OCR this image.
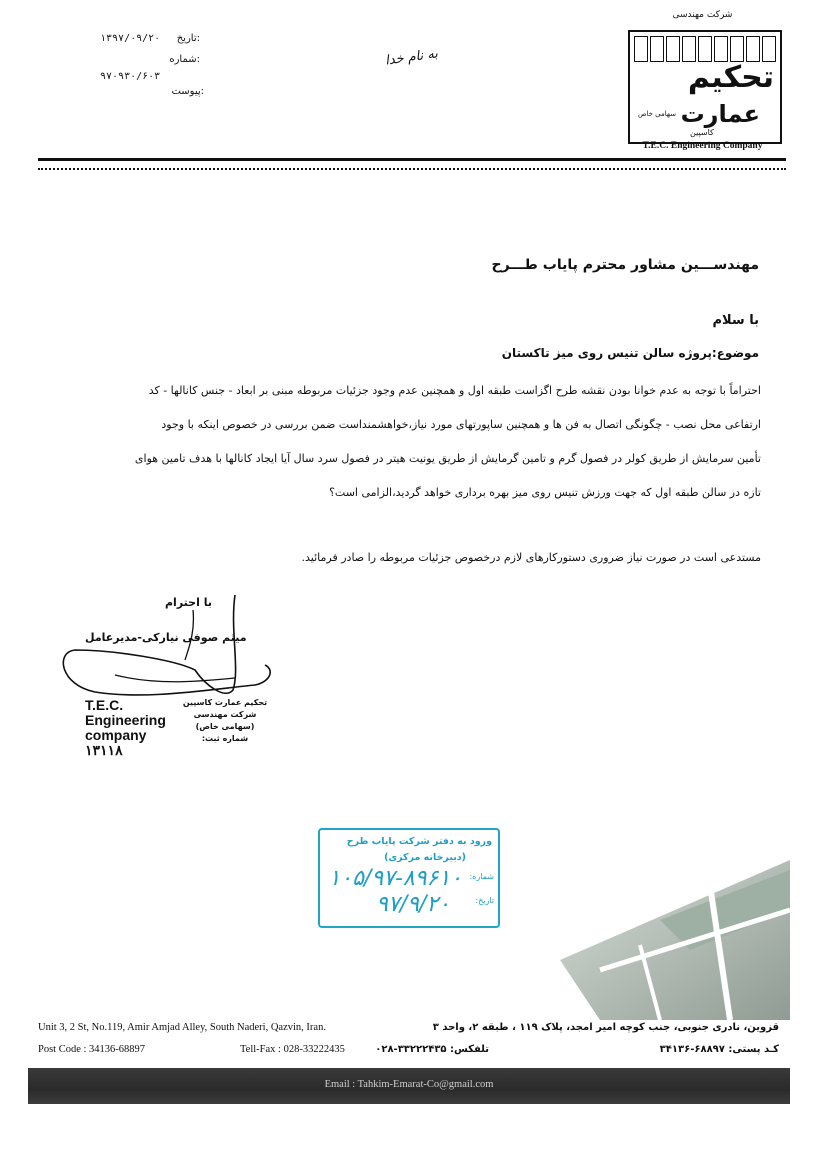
۱۳۹۷/۰۹/۲۰ تاریخ:
شماره:
۹۷۰۹۳۰/۶۰۳
پیوست:
به نام خدا
شرکت مهندسی
تحکیم
عمارت
سهامی خاص
کاسپین
T.E.C. Engineering Company
مهندســـین مشاور محترم پایاب طـــرح
با سلام
موضوع:پروژه سالن تنیس روی میز تاکستان

احتراماً با توجه به عدم خوانا بودن نقشه طرح اگزاست طبقه اول و همچنین عدم وجود جزئیات مربوطه مبنی بر ابعاد - جنس کانالها - کد

ارتفاعی محل نصب - چگونگی اتصال به فن ها و همچنین ساپورتهای مورد نیاز،خواهشمنداست ضمن بررسی در خصوص اینکه با وجود

تأمین سرمایش از طریق کولر در فصول گرم و تامین گرمایش از طریق یونیت هیتر در فصول سرد سال آیا ایجاد کانالها با هدف تامین هوای

تازه در سالن طبقه اول که جهت ورزش تنیس روی میز بهره برداری خواهد گردید،الزامی است؟

مستدعی است در صورت نیاز ضروری دستورکارهای لازم درخصوص جزئیات مربوطه را صادر فرمائید.
با احترام
میثم صوفی نیارکی-مدیرعامل
T.E.C.
Engineering
company
۱۳۱۱۸
تحکیم عمارت کاسپین
شرکت مهندسی
(سهامی خاص)
شماره ثبت:
ورود به دفتر شرکت پایاب طرح
(دبیرخانه مرکزی)
شماره:
۱۰۵/۹۷-۸۹۶۱۰
تاریخ:
۹۷/۹/۲۰
Unit 3, 2 St, No.119, Amir Amjad Alley, South Naderi, Qazvin, Iran.
Post Code : 34136-68897	Tell-Fax : 028-33222435
قزوین، نادری جنوبی، جنب کوچه امیر امجد، پلاک ۱۱۹ ، طبقه ۲، واحد ۳
تلفکس: ۳۳۲۲۲۴۳۵-۰۲۸	کـد پستی: ۶۸۸۹۷-۳۴۱۳۶
Email : Tahkim-Emarat-Co@gmail.com
